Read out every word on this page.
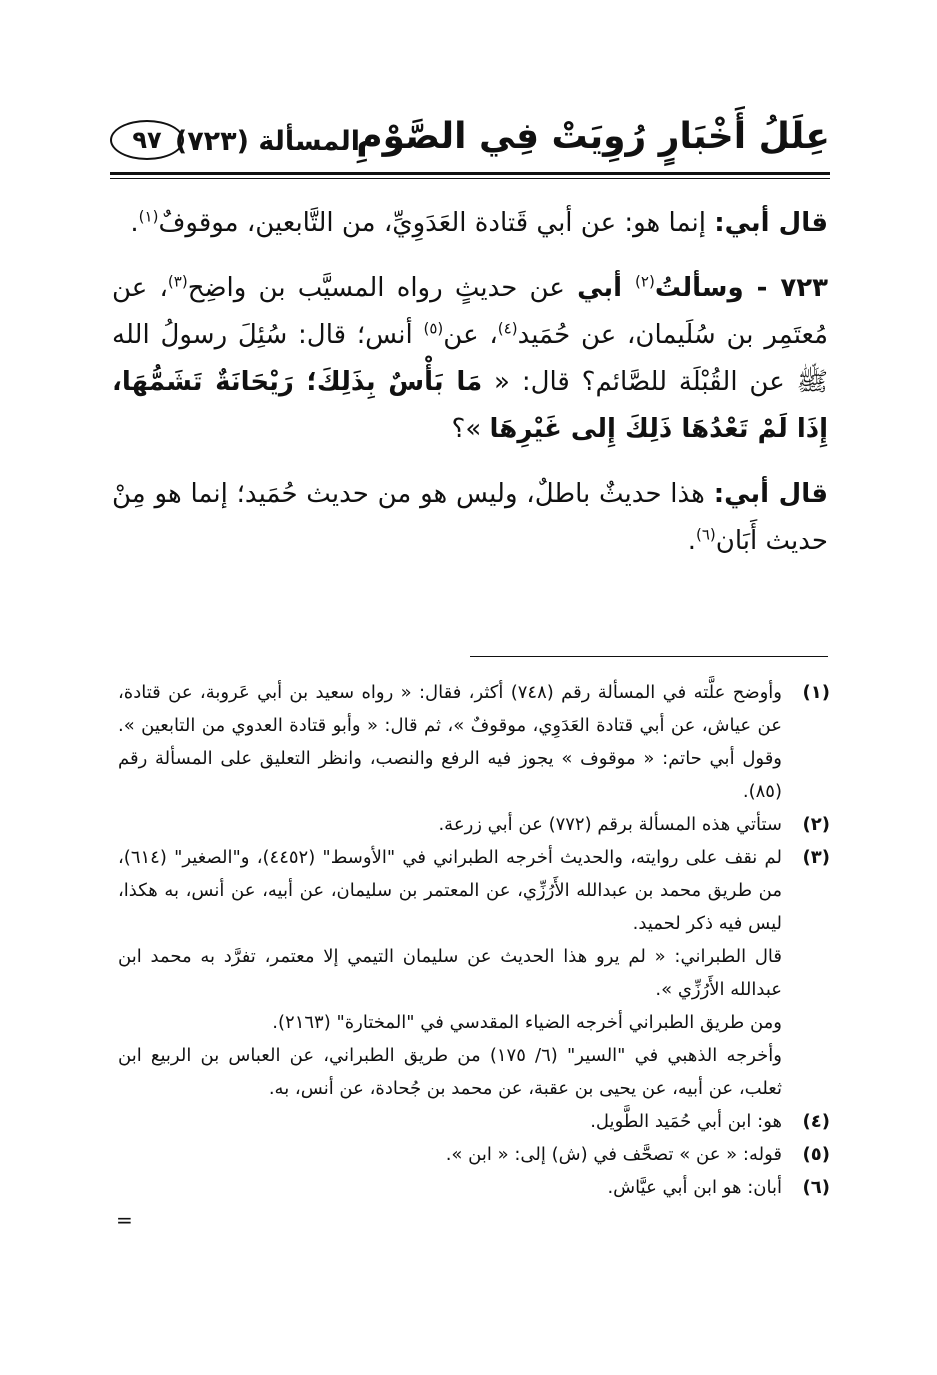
عِلَلُ أَخْبَارٍ رُوِيَتْ فِي الصَّوْمِ
المسألة (٧٢٣)
٩٧

قال أبي: إنما هو: عن أبي قَتادة العَدَوِيِّ، من التَّابعين، موقوفٌ$^{(١)}$.

٧٢٣ - وسألتُ$^{(٢)}$ أبي عن حديثٍ رواه المسيَّب بن واضِح$^{(٣)}$، عن مُعتَمِر بن سُلَيمان، عن حُمَيد$^{(٤)}$، عن$^{(٥)}$ أنس؛ قال: سُئِلَ رسولُ الله ﷺ عن القُبْلَة للصَّائم؟ قال: « مَا بَأْسٌ بِذَلِكَ؛ رَيْحَانَةٌ تَشَمُّهَا، إِذَا لَمْ تَعْدُهَا ذَلِكَ إِلى غَيْرِهَا »؟

قال أبي: هذا حديثٌ باطلٌ، وليس هو من حديث حُمَيد؛ إنما هو مِنْ حديث أَبَان$^{(٦)}$.

(١)

وأوضح علَّته في المسألة رقم (٧٤٨) أكثر، فقال: « رواه سعيد بن أبي عَروبة، عن قتادة، عن عياش، عن أبي قتادة العَدَوِي، موقوفٌ »، ثم قال: « وأبو قتادة العدوي من التابعين ». وقول أبي حاتم: « موقوف » يجوز فيه الرفع والنصب، وانظر التعليق على المسألة رقم (٨٥).

(٢)

ستأتي هذه المسألة برقم (٧٧٢) عن أبي زرعة.

(٣)

لم نقف على روايته، والحديث أخرجه الطبراني في "الأوسط" (٤٤٥٢)، و"الصغير" (٦١٤)، من طريق محمد بن عبدالله الأَرُزِّي، عن المعتمر بن سليمان، عن أبيه، عن أنس، به هكذا، ليس فيه ذكر لحميد.

قال الطبراني: « لم يرو هذا الحديث عن سليمان التيمي إلا معتمر، تفرَّد به محمد ابن عبدالله الأَرُزِّي ».

ومن طريق الطبراني أخرجه الضياء المقدسي في "المختارة" (٢١٦٣).

وأخرجه الذهبي في "السير" (٦/ ١٧٥) من طريق الطبراني، عن العباس بن الربيع ابن ثعلب، عن أبيه، عن يحيى بن عقبة، عن محمد بن جُحادة، عن أنس، به.

(٤)

هو: ابن أبي حُمَيد الطَّويل.

(٥)

قوله: « عن » تصحَّف في (ش) إلى: « ابن ».

(٦)

أبان: هو ابن أبي عيَّاش.

=
